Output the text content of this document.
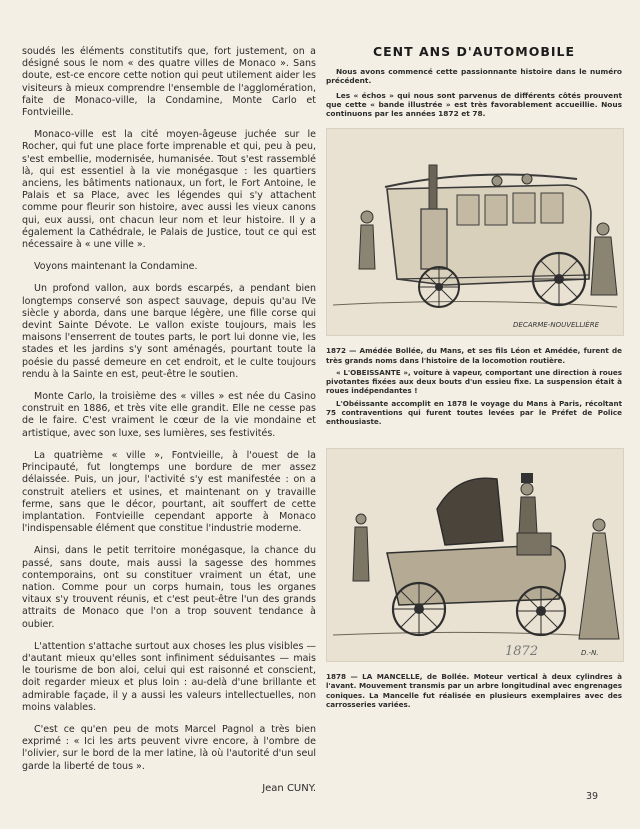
soudés les éléments constitutifs que, fort justement, on a désigné sous le nom « des quatre villes de Monaco ». Sans doute, est-ce encore cette notion qui peut utilement aider les visiteurs à mieux comprendre l'ensemble de l'agglomération, faite de Monaco-ville, la Condamine, Monte Carlo et Fontvieille.

Monaco-ville est la cité moyen-âgeuse juchée sur le Rocher, qui fut une place forte imprenable et qui, peu à peu, s'est embellie, modernisée, humanisée. Tout s'est rassemblé là, qui est essentiel à la vie monégasque : les quartiers anciens, les bâtiments nationaux, un fort, le Fort Antoine, le Palais et sa Place, avec les légendes qui s'y attachent comme pour fleurir son histoire, avec aussi les vieux canons qui, eux aussi, ont chacun leur nom et leur histoire. Il y a également la Cathédrale, le Palais de Justice, tout ce qui est nécessaire à « une ville ».

Voyons maintenant la Condamine.

Un profond vallon, aux bords escarpés, a pendant bien longtemps conservé son aspect sauvage, depuis qu'au IVe siècle y aborda, dans une barque légère, une fille corse qui devint Sainte Dévote. Le vallon existe toujours, mais les maisons l'enserrent de toutes parts, le port lui donne vie, les stades et les jardins s'y sont aménagés, pourtant toute la poésie du passé demeure en cet endroit, et le culte toujours rendu à la Sainte en est, peut-être le soutien.

Monte Carlo, la troisième des « villes » est née du Casino construit en 1886, et très vite elle grandit. Elle ne cesse pas de le faire. C'est vraiment le cœur de la vie mondaine et artistique, avec son luxe, ses lumières, ses festivités.

La quatrième « ville », Fontvieille, à l'ouest de la Principauté, fut longtemps une bordure de mer assez délaissée. Puis, un jour, l'activité s'y est manifestée : on a construit ateliers et usines, et maintenant on y travaille ferme, sans que le décor, pourtant, ait souffert de cette implantation. Fontvieille cependant apporte à Monaco l'indispensable élément que constitue l'industrie moderne.

Ainsi, dans le petit territoire monégasque, la chance du passé, sans doute, mais aussi la sagesse des hommes contemporains, ont su constituer vraiment un état, une nation. Comme pour un corps humain, tous les organes vitaux s'y trouvent réunis, et c'est peut-être l'un des grands attraits de Monaco que l'on a trop souvent tendance à oubier.

L'attention s'attache surtout aux choses les plus visibles — d'autant mieux qu'elles sont infiniment séduisantes — mais le tourisme de bon aloi, celui qui est raisonné et conscient, doit regarder mieux et plus loin : au-delà d'une brillante et admirable façade, il y a aussi les valeurs intellectuelles, non moins valables.

C'est ce qu'en peu de mots Marcel Pagnol a très bien exprimé : « Ici les arts peuvent vivre encore, à l'ombre de l'olivier, sur le bord de la mer latine, là où l'autorité d'un seul garde la liberté de tous ».

Jean CUNY.

CENT ANS D'AUTOMOBILE

Nous avons commencé cette passionnante histoire dans le numéro précédent.

Les « échos » qui nous sont parvenus de différents côtés prouvent que cette « bande illustrée » est très favorablement accueillie. Nous continuons par les années 1872 et 78.

DECARME-NOUVELLIÈRE

1872 — Amédée Bollée, du Mans, et ses fils Léon et Amédée, furent de très grands noms dans l'histoire de la locomotion routière.

« L'OBEISSANTE », voiture à vapeur, comportant une direction à roues pivotantes fixées aux deux bouts d'un essieu fixe. La suspension était à roues indépendantes !

L'Obéissante accomplit en 1878 le voyage du Mans à Paris, récoltant 75 contraventions qui furent toutes levées par le Préfet de Police enthousiaste.

1872	D.-N.

1878 — LA MANCELLE, de Bollée. Moteur vertical à deux cylindres à l'avant. Mouvement transmis par un arbre longitudinal avec engrenages coniques. La Mancelle fut réalisée en plusieurs exemplaires avec des carrosseries variées.

39
